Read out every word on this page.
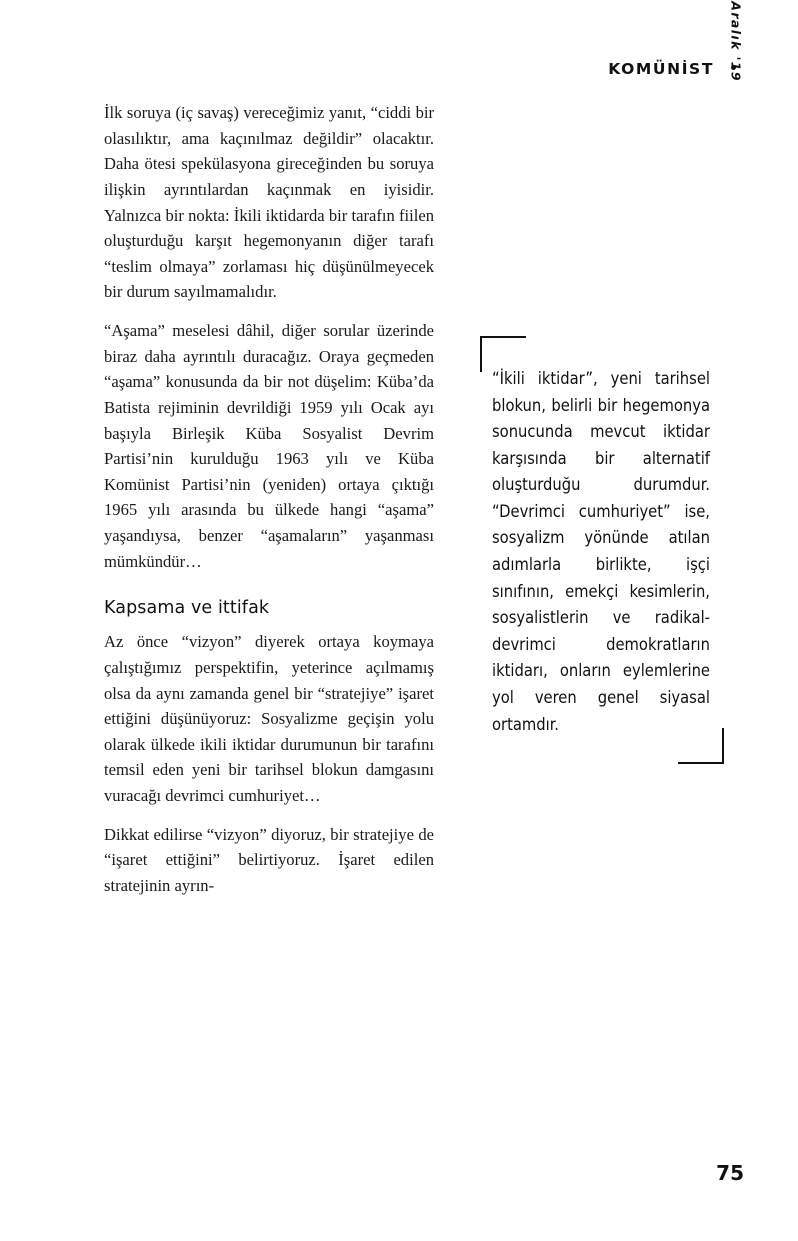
KOMÜNİST Aralık '19

İlk soruya (iç savaş) vereceğimiz yanıt, “ciddi bir olasılıktır, ama kaçınılmaz değildir” olacaktır. Daha ötesi spekülasyona gireceğinden bu soruya ilişkin ayrıntılardan kaçınmak en iyisidir. Yalnızca bir nokta: İkili iktidarda bir tarafın fiilen oluşturduğu karşıt hegemonyanın diğer tarafı “teslim olmaya” zorlaması hiç düşünülmeyecek bir durum sayılmamalıdır.

“Aşama” meselesi dâhil, diğer sorular üzerinde biraz daha ayrıntılı duracağız. Oraya geçmeden “aşama” konusunda da bir not düşelim: Küba’da Batista rejiminin devrildiği 1959 yılı Ocak ayı başıyla Birleşik Küba Sosyalist Devrim Partisi’nin kurulduğu 1963 yılı ve Küba Komünist Partisi’nin (yeniden) ortaya çıktığı 1965 yılı arasında bu ülkede hangi “aşama” yaşandıysa, benzer “aşamaların” yaşanması mümkündür…

Kapsama ve ittifak

Az önce “vizyon” diyerek ortaya koymaya çalıştığımız perspektifin, yeterince açılmamış olsa da aynı zamanda genel bir “stratejiye” işaret ettiğini düşünüyoruz: Sosyalizme geçişin yolu olarak ülkede ikili iktidar durumunun bir tarafını temsil eden yeni bir tarihsel blokun damgasını vuracağı devrimci cumhuriyet…

Dikkat edilirse “vizyon” diyoruz, bir stratejiye de “işaret ettiğini” belirtiyoruz. İşaret edilen stratejinin ayrın-

“İkili iktidar”, yeni tarihsel blokun, belirli bir hegemonya sonucunda mevcut iktidar karşısında bir alternatif oluşturduğu durumdur. “Devrimci cumhuriyet” ise, sosyalizm yönünde atılan adımlarla birlikte, işçi sınıfının, emekçi kesimlerin, sosyalistlerin ve radikal-devrimci demokratların iktidarı, onların eylemlerine yol veren genel siyasal ortamdır.
75
